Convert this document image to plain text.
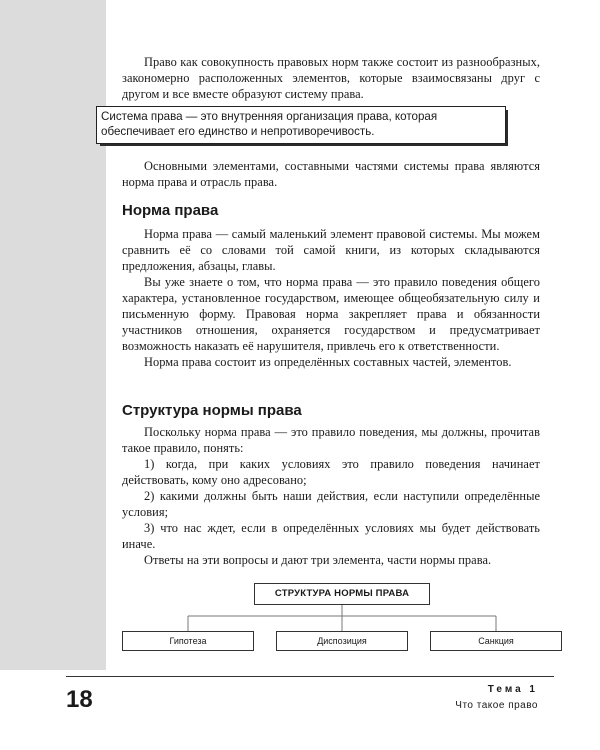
Право как совокупность правовых норм также состоит из разнообразных, закономерно расположенных элементов, которые взаимосвязаны друг с другом и все вместе образуют систему права.

Система права — это внутренняя организация права, которая
обеспечивает его единство и непротиворечивость.

Основными элементами, составными частями системы права являются норма права и отрасль права.

Норма права

Норма права — самый маленький элемент правовой системы. Мы можем сравнить её со словами той самой книги, из которых складываются предложения, абзацы, главы.

Вы уже знаете о том, что норма права — это правило поведения общего характера, установленное государством, имеющее общеобязательную силу и письменную форму. Правовая норма закрепляет права и обязанности участников отношения, охраняется государством и предусматривает возможность наказать её нарушителя, привлечь его к ответственности.

Норма права состоит из определённых составных частей, элементов.

Структура нормы права

Поскольку норма права — это правило поведения, мы должны, прочитав такое правило, понять:

1) когда, при каких условиях это правило поведения начинает действовать, кому оно адресовано;

2) какими должны быть наши действия, если наступили определённые условия;

3) что нас ждет, если в определённых условиях мы будет действовать иначе.

Ответы на эти вопросы и дают три элемента, части нормы права.

СТРУКТУРА НОРМЫ ПРАВА
Гипотеза	Диспозиция	Санкция
18	Тема 1
Что такое право
